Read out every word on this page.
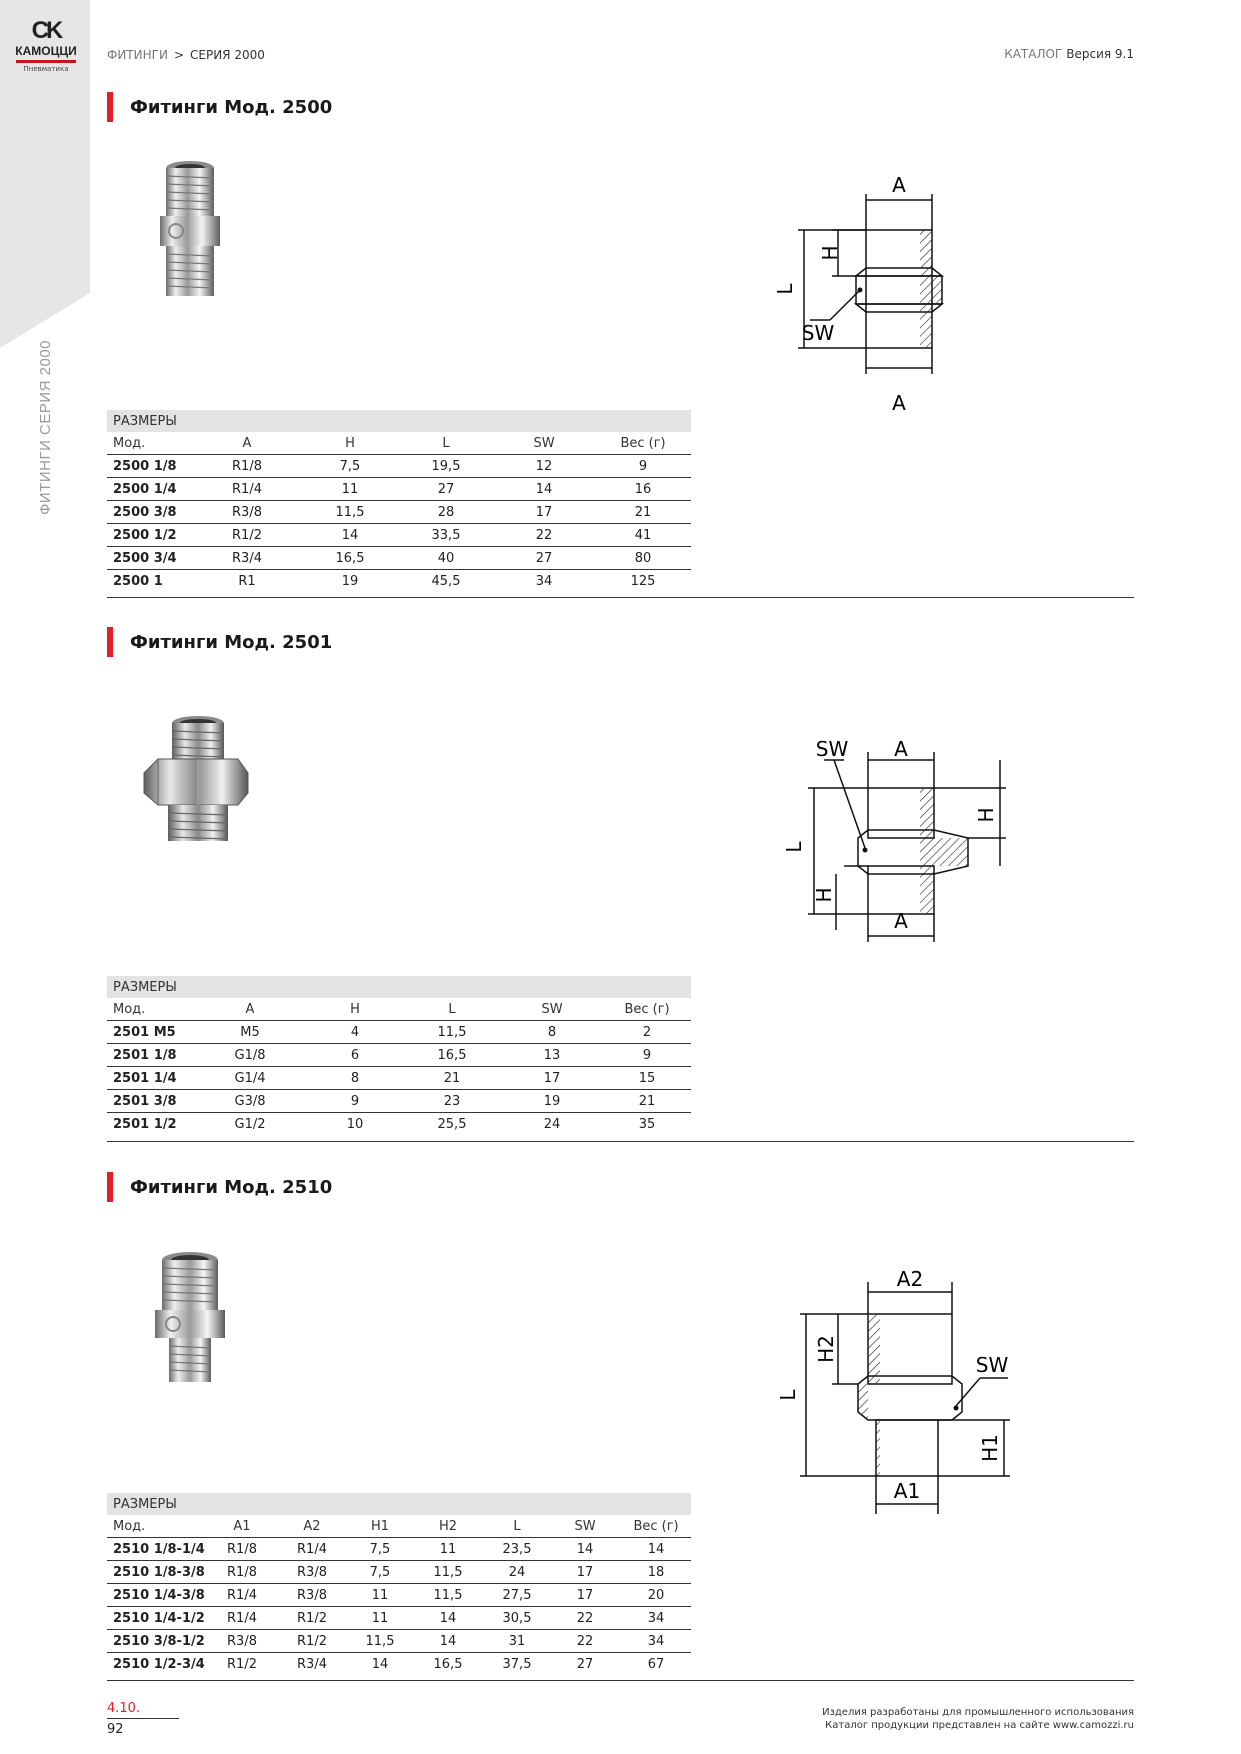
CK
КАМОЦЦИ
Пневматика
ФИТИНГИ СЕРИЯ 2000
ФИТИНГИ > СЕРИЯ 2000	КАТАЛОГ Версия 9.1
Фитинги Мод. 2500
A
A
L
H
SW
РАЗМЕРЫ					
Мод.	A	H	L	SW	Вес (г)
2500 1/8	R1/8	7,5	19,5	12	9
2500 1/4	R1/4	11	27	14	16
2500 3/8	R3/8	11,5	28	17	21
2500 1/2	R1/2	14	33,5	22	41
2500 3/4	R3/4	16,5	40	27	80
2500 1	R1	19	45,5	34	125
Фитинги Мод. 2501
A
A
SW
L
H
H
РАЗМЕРЫ					
Мод.	A	H	L	SW	Вес (г)
2501 M5	M5	4	11,5	8	2
2501 1/8	G1/8	6	16,5	13	9
2501 1/4	G1/4	8	21	17	15
2501 3/8	G3/8	9	23	19	21
2501 1/2	G1/2	10	25,5	24	35
Фитинги Мод. 2510
A2
A1
SW
L
H2
H1
РАЗМЕРЫ							
Мод.	A1	A2	H1	H2	L	SW	Вес (г)
2510 1/8-1/4	R1/8	R1/4	7,5	11	23,5	14	14
2510 1/8-3/8	R1/8	R3/8	7,5	11,5	24	17	18
2510 1/4-3/8	R1/4	R3/8	11	11,5	27,5	17	20
2510 1/4-1/2	R1/4	R1/2	11	14	30,5	22	34
2510 3/8-1/2	R3/8	R1/2	11,5	14	31	22	34
2510 1/2-3/4	R1/2	R3/4	14	16,5	37,5	27	67
4.10.
92
Изделия разработаны для промышленного использования
Каталог продукции представлен на сайте www.camozzi.ru
